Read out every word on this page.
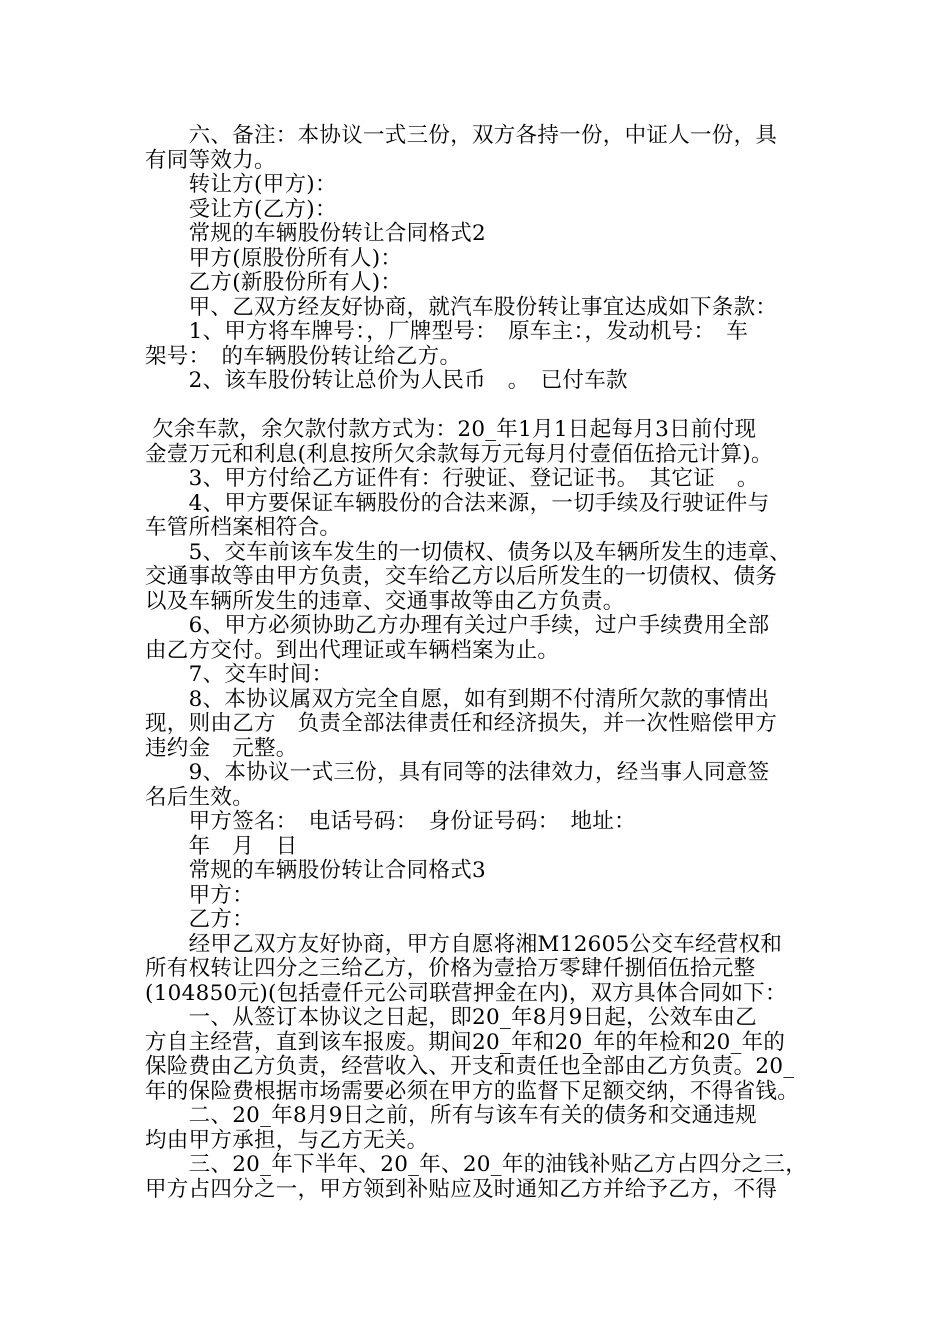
　　六、备注：本协议一式三份，双方各持一份，中证人一份，具
有同等效力。
　　转让方(甲方)：
　　受让方(乙方)：
　　常规的车辆股份转让合同格式2
　　甲方(原股份所有人)：
　　乙方(新股份所有人)：
　　甲、乙双方经友好协商，就汽车股份转让事宜达成如下条款：
　　1、甲方将车牌号：，厂牌型号：　原车主：，发动机号：　车
架号：　的车辆股份转让给乙方。
　　2、该车股份转让总价为人民币　。　已付车款
欠余车款，余欠款付款方式为：20_年1月1日起每月3日前付现
金壹万元和利息(利息按所欠余款每万元每月付壹佰伍拾元计算)。
　　3、甲方付给乙方证件有：行驶证、登记证书。　其它证　。
　　4、甲方要保证车辆股份的合法来源，一切手续及行驶证件与
车管所档案相符合。
　　5、交车前该车发生的一切债权、债务以及车辆所发生的违章、
交通事故等由甲方负责，交车给乙方以后所发生的一切债权、债务
以及车辆所发生的违章、交通事故等由乙方负责。
　　6、甲方必须协助乙方办理有关过户手续，过户手续费用全部
由乙方交付。到出代理证或车辆档案为止。
　　7、交车时间：
　　8、本协议属双方完全自愿，如有到期不付清所欠款的事情出
现，则由乙方　负责全部法律责任和经济损失，并一次性赔偿甲方
违约金　元整。
　　9、本协议一式三份，具有同等的法律效力，经当事人同意签
名后生效。
　　甲方签名：　电话号码：　身份证号码：　地址：
　　年　月　日
　　常规的车辆股份转让合同格式3
　　甲方：
　　乙方：
　　经甲乙双方友好协商，甲方自愿将湘M12605公交车经营权和
所有权转让四分之三给乙方，价格为壹拾万零肆仟捌佰伍拾元整
(104850元)(包括壹仟元公司联营押金在内)，双方具体合同如下：
　　一、从签订本协议之日起，即20_年8月9日起，公效车由乙
方自主经营，直到该车报废。期间20_年和20_年的年检和20_年的
保险费由乙方负责，经营收入、开支和责任也全部由乙方负责。20_
年的保险费根据市场需要必须在甲方的监督下足额交纳，不得省钱。
　　二、20_年8月9日之前，所有与该车有关的债务和交通违规
均由甲方承担，与乙方无关。
　　三、20_年下半年、20_年、20_年的油钱补贴乙方占四分之三，
甲方占四分之一，甲方领到补贴应及时通知乙方并给予乙方，不得
